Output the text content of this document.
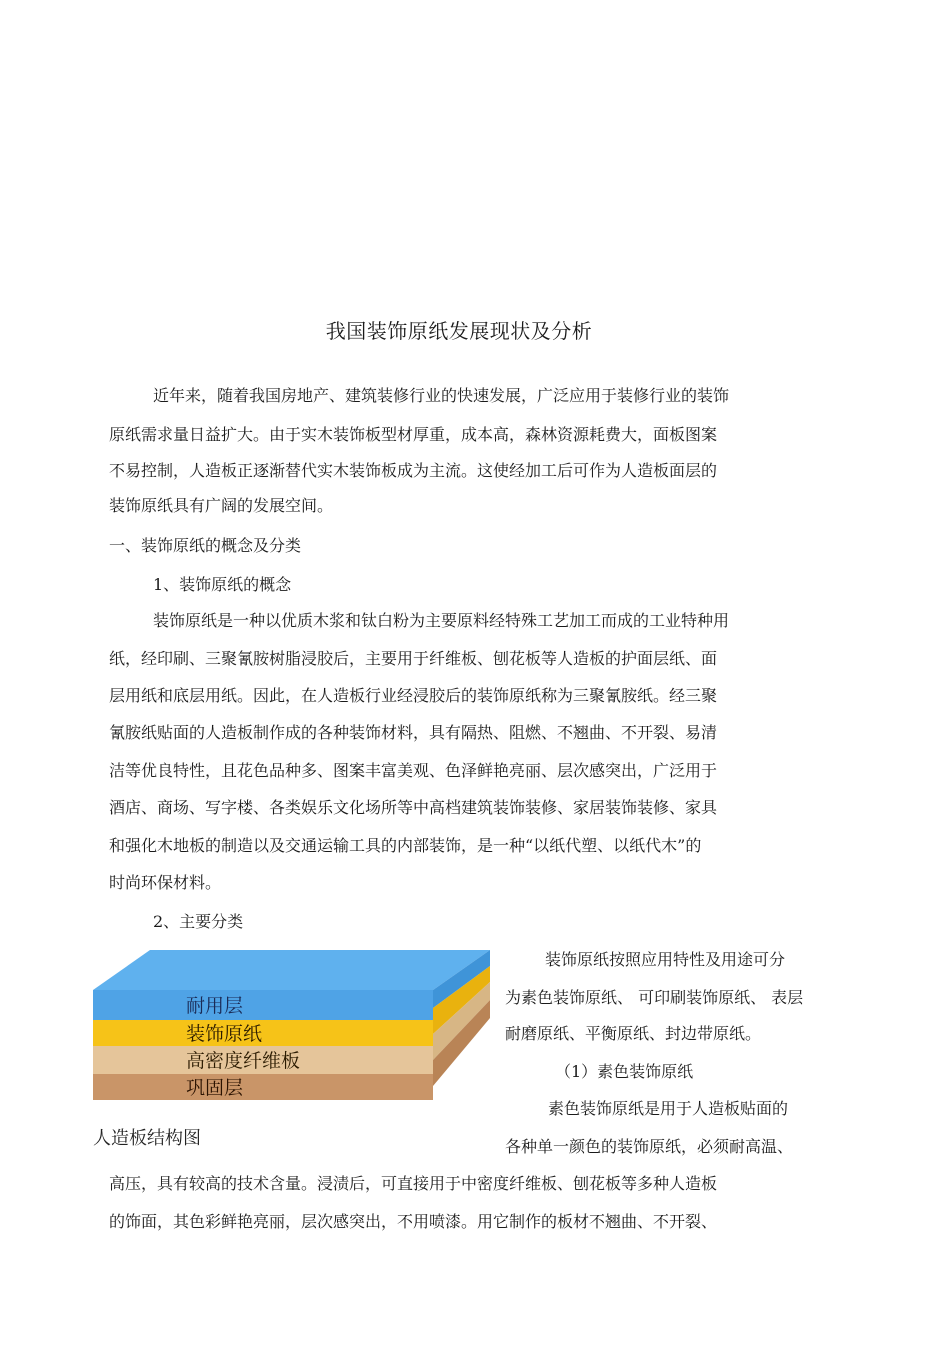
我国装饰原纸发展现状及分析
近年来，随着我国房地产、建筑装修行业的快速发展，广泛应用于装修行业的装饰
原纸需求量日益扩大。由于实木装饰板型材厚重，成本高，森林资源耗费大，面板图案
不易控制，人造板正逐渐替代实木装饰板成为主流。这使经加工后可作为人造板面层的
装饰原纸具有广阔的发展空间。
一、装饰原纸的概念及分类
1、装饰原纸的概念
装饰原纸是一种以优质木浆和钛白粉为主要原料经特殊工艺加工而成的工业特种用
纸，经印刷、三聚氰胺树脂浸胶后，主要用于纤维板、刨花板等人造板的护面层纸、面
层用纸和底层用纸。因此，在人造板行业经浸胶后的装饰原纸称为三聚氰胺纸。经三聚
氰胺纸贴面的人造板制作成的各种装饰材料，具有隔热、阻燃、不翘曲、不开裂、易清
洁等优良特性，且花色品种多、图案丰富美观、色泽鲜艳亮丽、层次感突出，广泛用于
酒店、商场、写字楼、各类娱乐文化场所等中高档建筑装饰装修、家居装饰装修、家具
和强化木地板的制造以及交通运输工具的内部装饰，是一种“以纸代塑、以纸代木”的
时尚环保材料。
2、主要分类
装饰原纸按照应用特性及用途可分
为素色装饰原纸、 可印刷装饰原纸、 表层
耐磨原纸、平衡原纸、封边带原纸。
（1）素色装饰原纸
素色装饰原纸是用于人造板贴面的
各种单一颜色的装饰原纸，必须耐高温、
耐用层
装饰原纸
高密度纤维板
巩固层
人造板结构图
高压，具有较高的技术含量。浸渍后，可直接用于中密度纤维板、刨花板等多种人造板
的饰面，其色彩鲜艳亮丽，层次感突出，不用喷漆。用它制作的板材不翘曲、不开裂、
